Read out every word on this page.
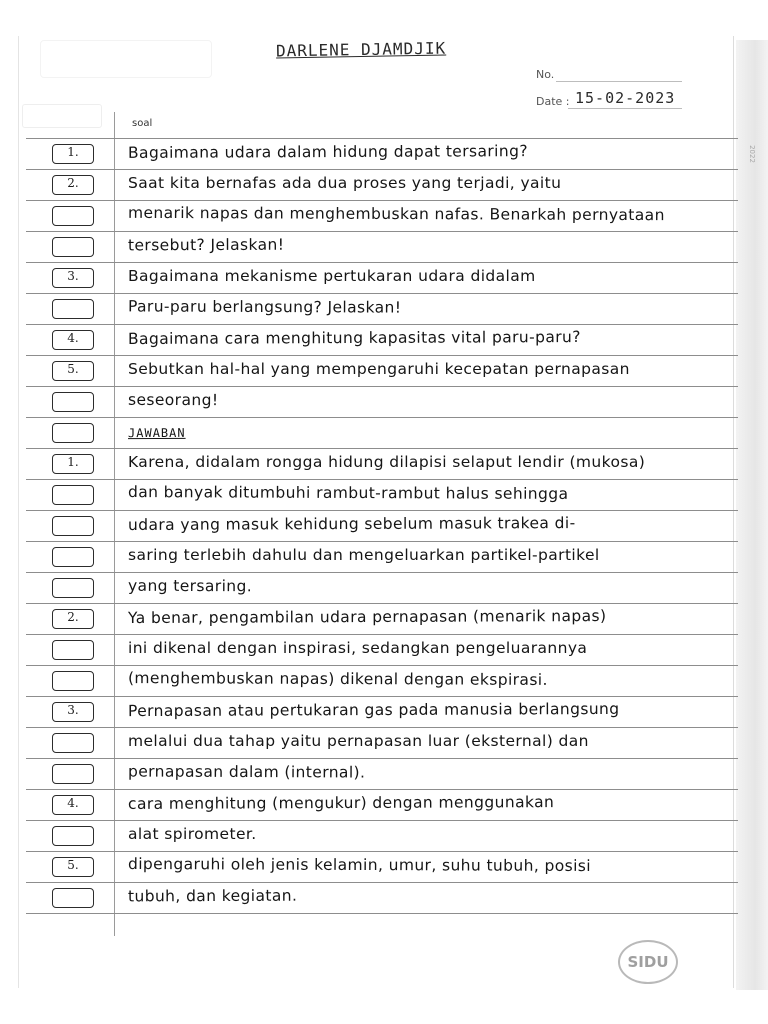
DARLENE DJAMDJIK
No.
Date : 15-02-2023
soal
1.	Bagaimana udara dalam hidung dapat tersaring?
2.	Saat kita bernafas ada dua proses yang terjadi, yaitu
menarik napas dan menghembuskan nafas. Benarkah pernyataan
tersebut? Jelaskan!
3.	Bagaimana mekanisme pertukaran udara didalam
Paru-paru berlangsung? Jelaskan!
4.	Bagaimana cara menghitung kapasitas vital paru-paru?
5.	Sebutkan hal-hal yang mempengaruhi kecepatan pernapasan
seseorang!
JAWABAN
1.	Karena, didalam rongga hidung dilapisi selaput lendir (mukosa)
dan banyak ditumbuhi rambut-rambut halus sehingga
udara yang masuk kehidung sebelum masuk trakea di-
saring terlebih dahulu dan mengeluarkan partikel-partikel
yang tersaring.
2.	Ya benar, pengambilan udara pernapasan (menarik napas)
ini dikenal dengan inspirasi, sedangkan pengeluarannya
(menghembuskan napas) dikenal dengan ekspirasi.
3.	Pernapasan atau pertukaran gas pada manusia berlangsung
melalui dua tahap yaitu pernapasan luar (eksternal) dan
pernapasan dalam (internal).
4.	cara menghitung (mengukur) dengan menggunakan
alat spirometer.
5.	dipengaruhi oleh jenis kelamin, umur, suhu tubuh, posisi
tubuh, dan kegiatan.
SIDU
2022
